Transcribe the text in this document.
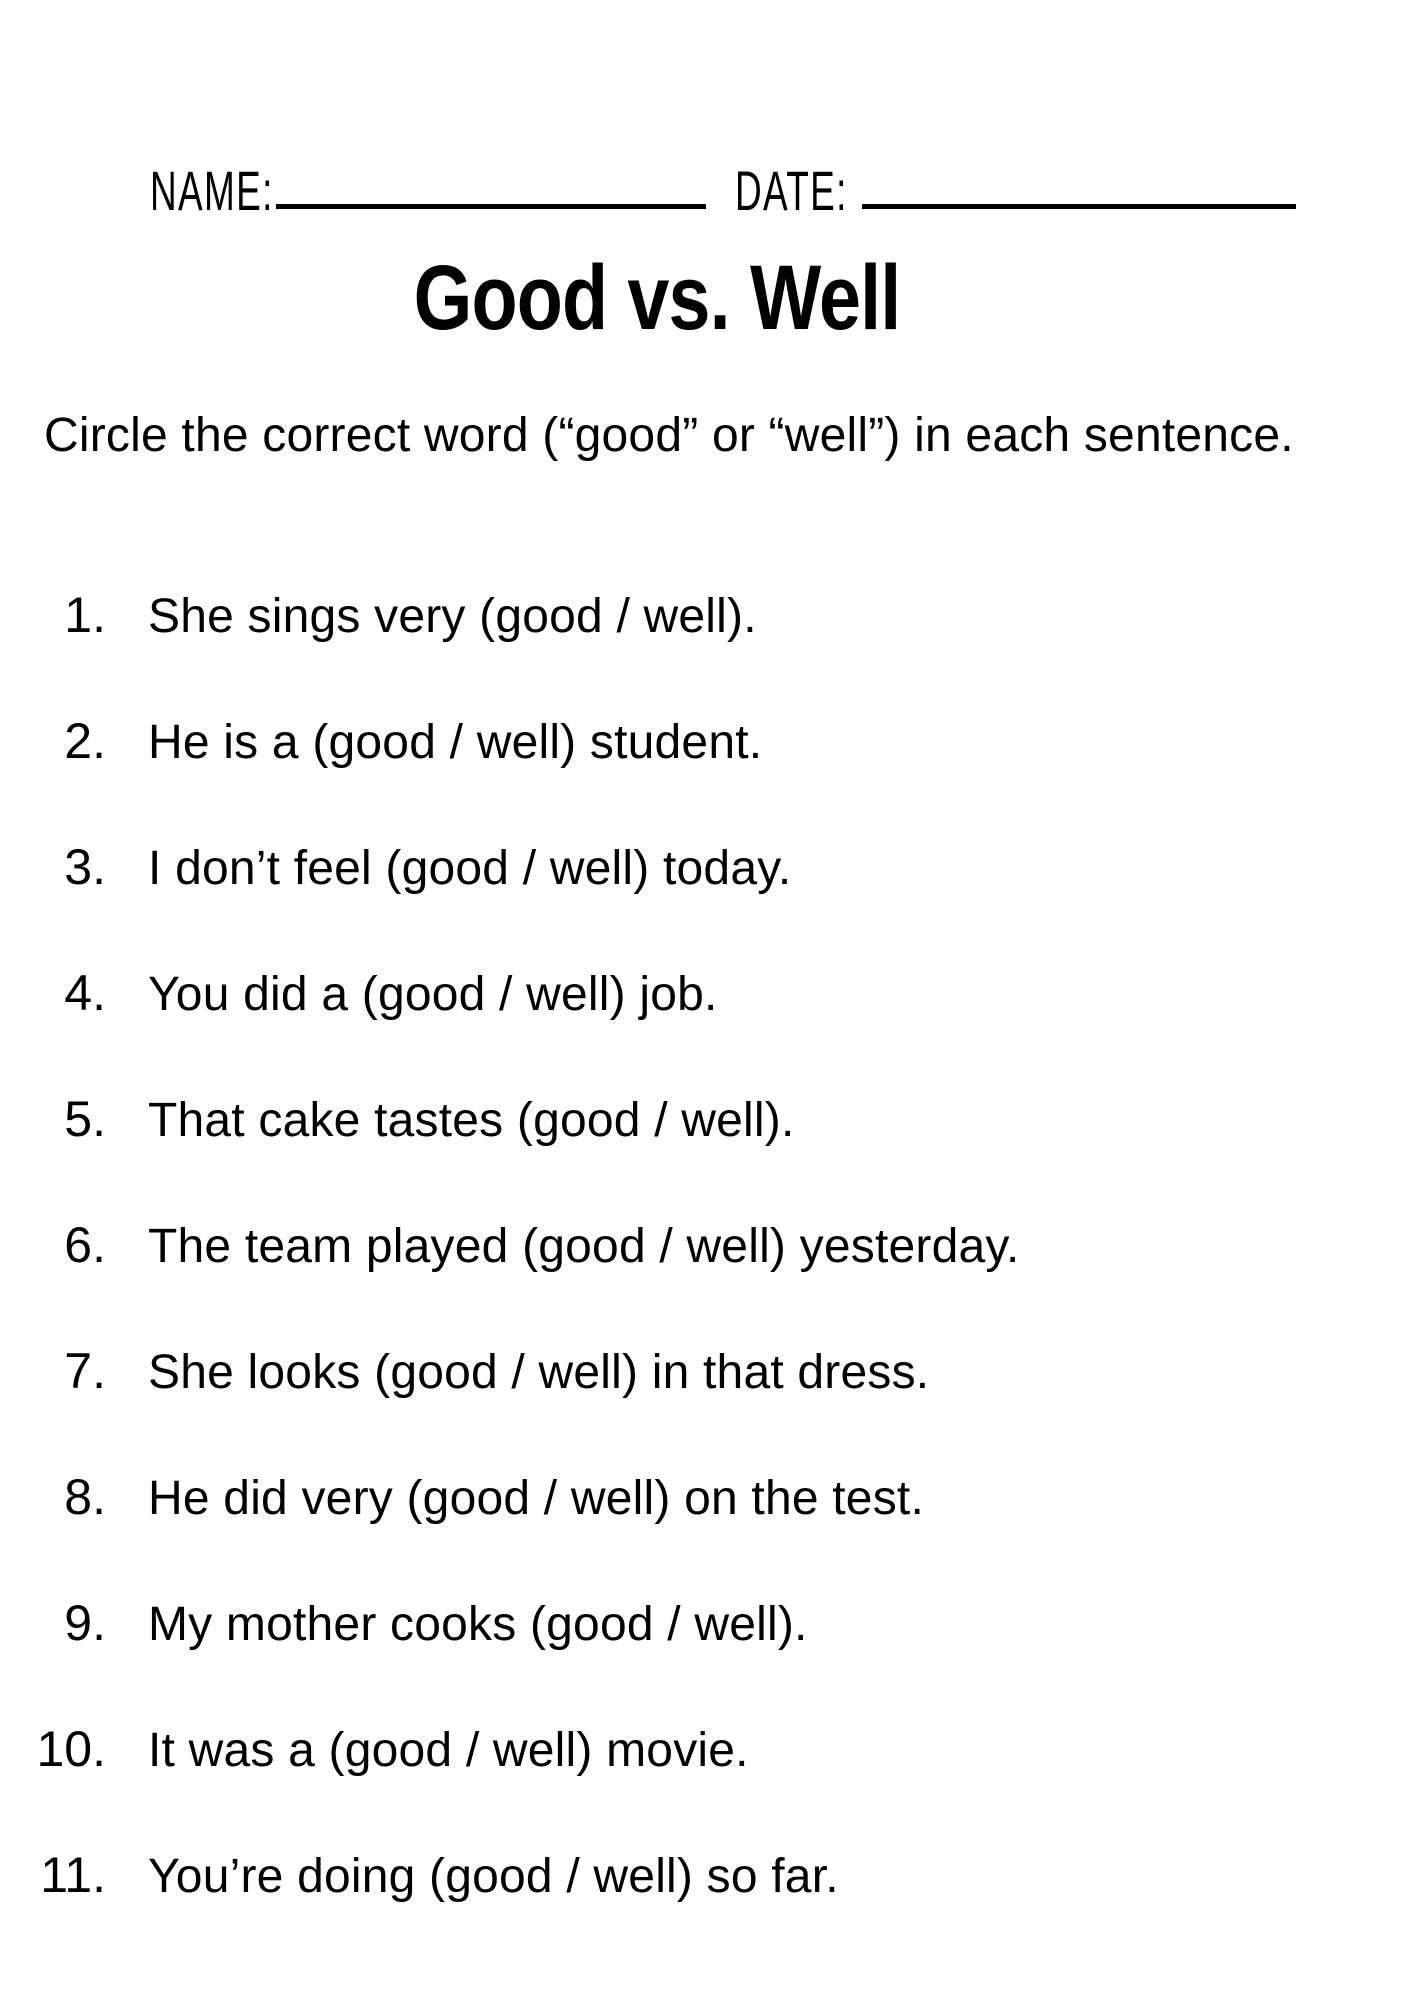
NAME:	DATE:
Good vs. Well
Circle the correct word (“good” or “well”) in each sentence.
1. She sings very (good / well).
2. He is a (good / well) student.
3. I don’t feel (good / well) today.
4. You did a (good / well) job.
5. That cake tastes (good / well).
6. The team played (good / well) yesterday.
7. She looks (good / well) in that dress.
8. He did very (good / well) on the test.
9. My mother cooks (good / well).
10. It was a (good / well) movie.
11. You’re doing (good / well) so far.
